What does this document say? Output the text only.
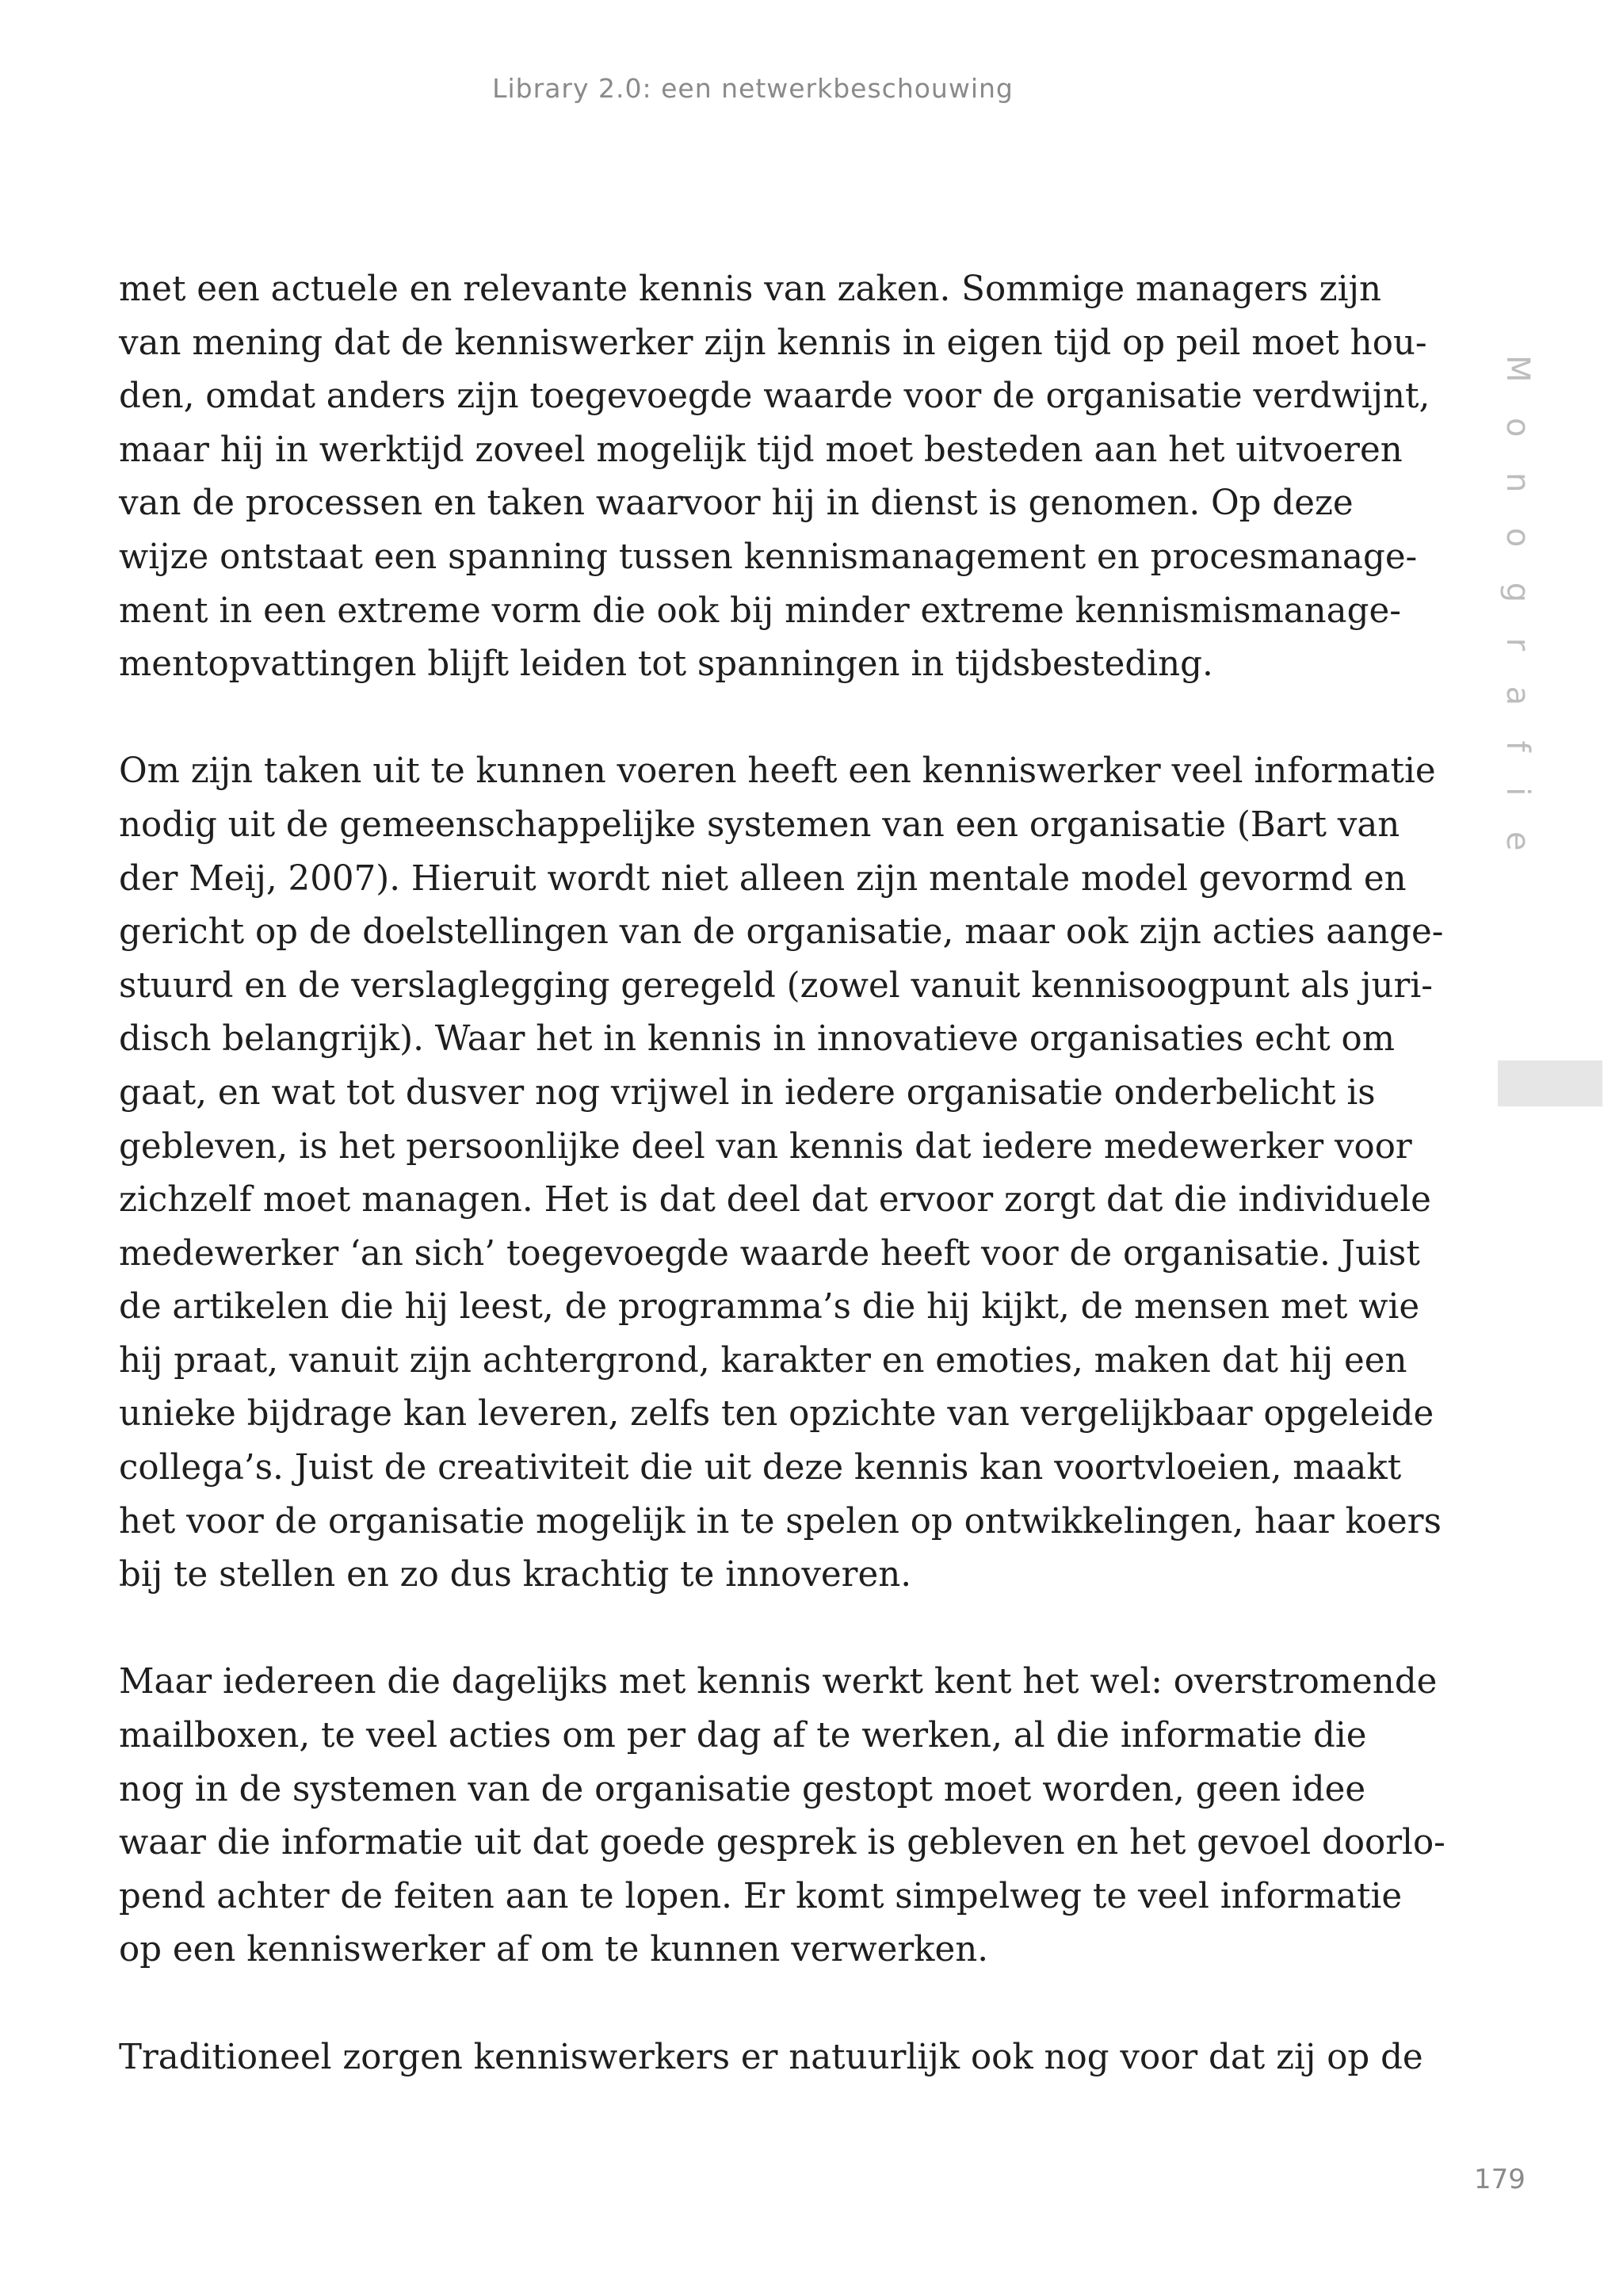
Library 2.0: een netwerkbeschouwing

met een actuele en relevante kennis van zaken. Sommige managers zijn
van mening dat de kenniswerker zijn kennis in eigen tijd op peil moet hou-
den, omdat anders zijn toegevoegde waarde voor de organisatie verdwijnt,
maar hij in werktijd zoveel mogelijk tijd moet besteden aan het uitvoeren
van de processen en taken waarvoor hij in dienst is genomen. Op deze
wijze ontstaat een spanning tussen kennismanagement en procesmanage-
ment in een extreme vorm die ook bij minder extreme kennismismanage-
mentopvattingen blijft leiden tot spanningen in tijdsbesteding.

Om zijn taken uit te kunnen voeren heeft een kenniswerker veel informatie
nodig uit de gemeenschappelijke systemen van een organisatie (Bart van
der Meij, 2007). Hieruit wordt niet alleen zijn mentale model gevormd en
gericht op de doelstellingen van de organisatie, maar ook zijn acties aange-
stuurd en de verslaglegging geregeld (zowel vanuit kennisoogpunt als juri-
disch belangrijk). Waar het in kennis in innovatieve organisaties echt om
gaat, en wat tot dusver nog vrijwel in iedere organisatie onderbelicht is
gebleven, is het persoonlijke deel van kennis dat iedere medewerker voor
zichzelf moet managen. Het is dat deel dat ervoor zorgt dat die individuele
medewerker ‘an sich’ toegevoegde waarde heeft voor de organisatie. Juist
de artikelen die hij leest, de programma’s die hij kijkt, de mensen met wie
hij praat, vanuit zijn achtergrond, karakter en emoties, maken dat hij een
unieke bijdrage kan leveren, zelfs ten opzichte van vergelijkbaar opgeleide
collega’s. Juist de creativiteit die uit deze kennis kan voortvloeien, maakt
het voor de organisatie mogelijk in te spelen op ontwikkelingen, haar koers
bij te stellen en zo dus krachtig te innoveren.

Maar iedereen die dagelijks met kennis werkt kent het wel: overstromende
mailboxen, te veel acties om per dag af te werken, al die informatie die
nog in de systemen van de organisatie gestopt moet worden, geen idee
waar die informatie uit dat goede gesprek is gebleven en het gevoel doorlo-
pend achter de feiten aan te lopen. Er komt simpelweg te veel informatie
op een kenniswerker af om te kunnen verwerken.

Traditioneel zorgen kenniswerkers er natuurlijk ook nog voor dat zij op de

Monografie
179
